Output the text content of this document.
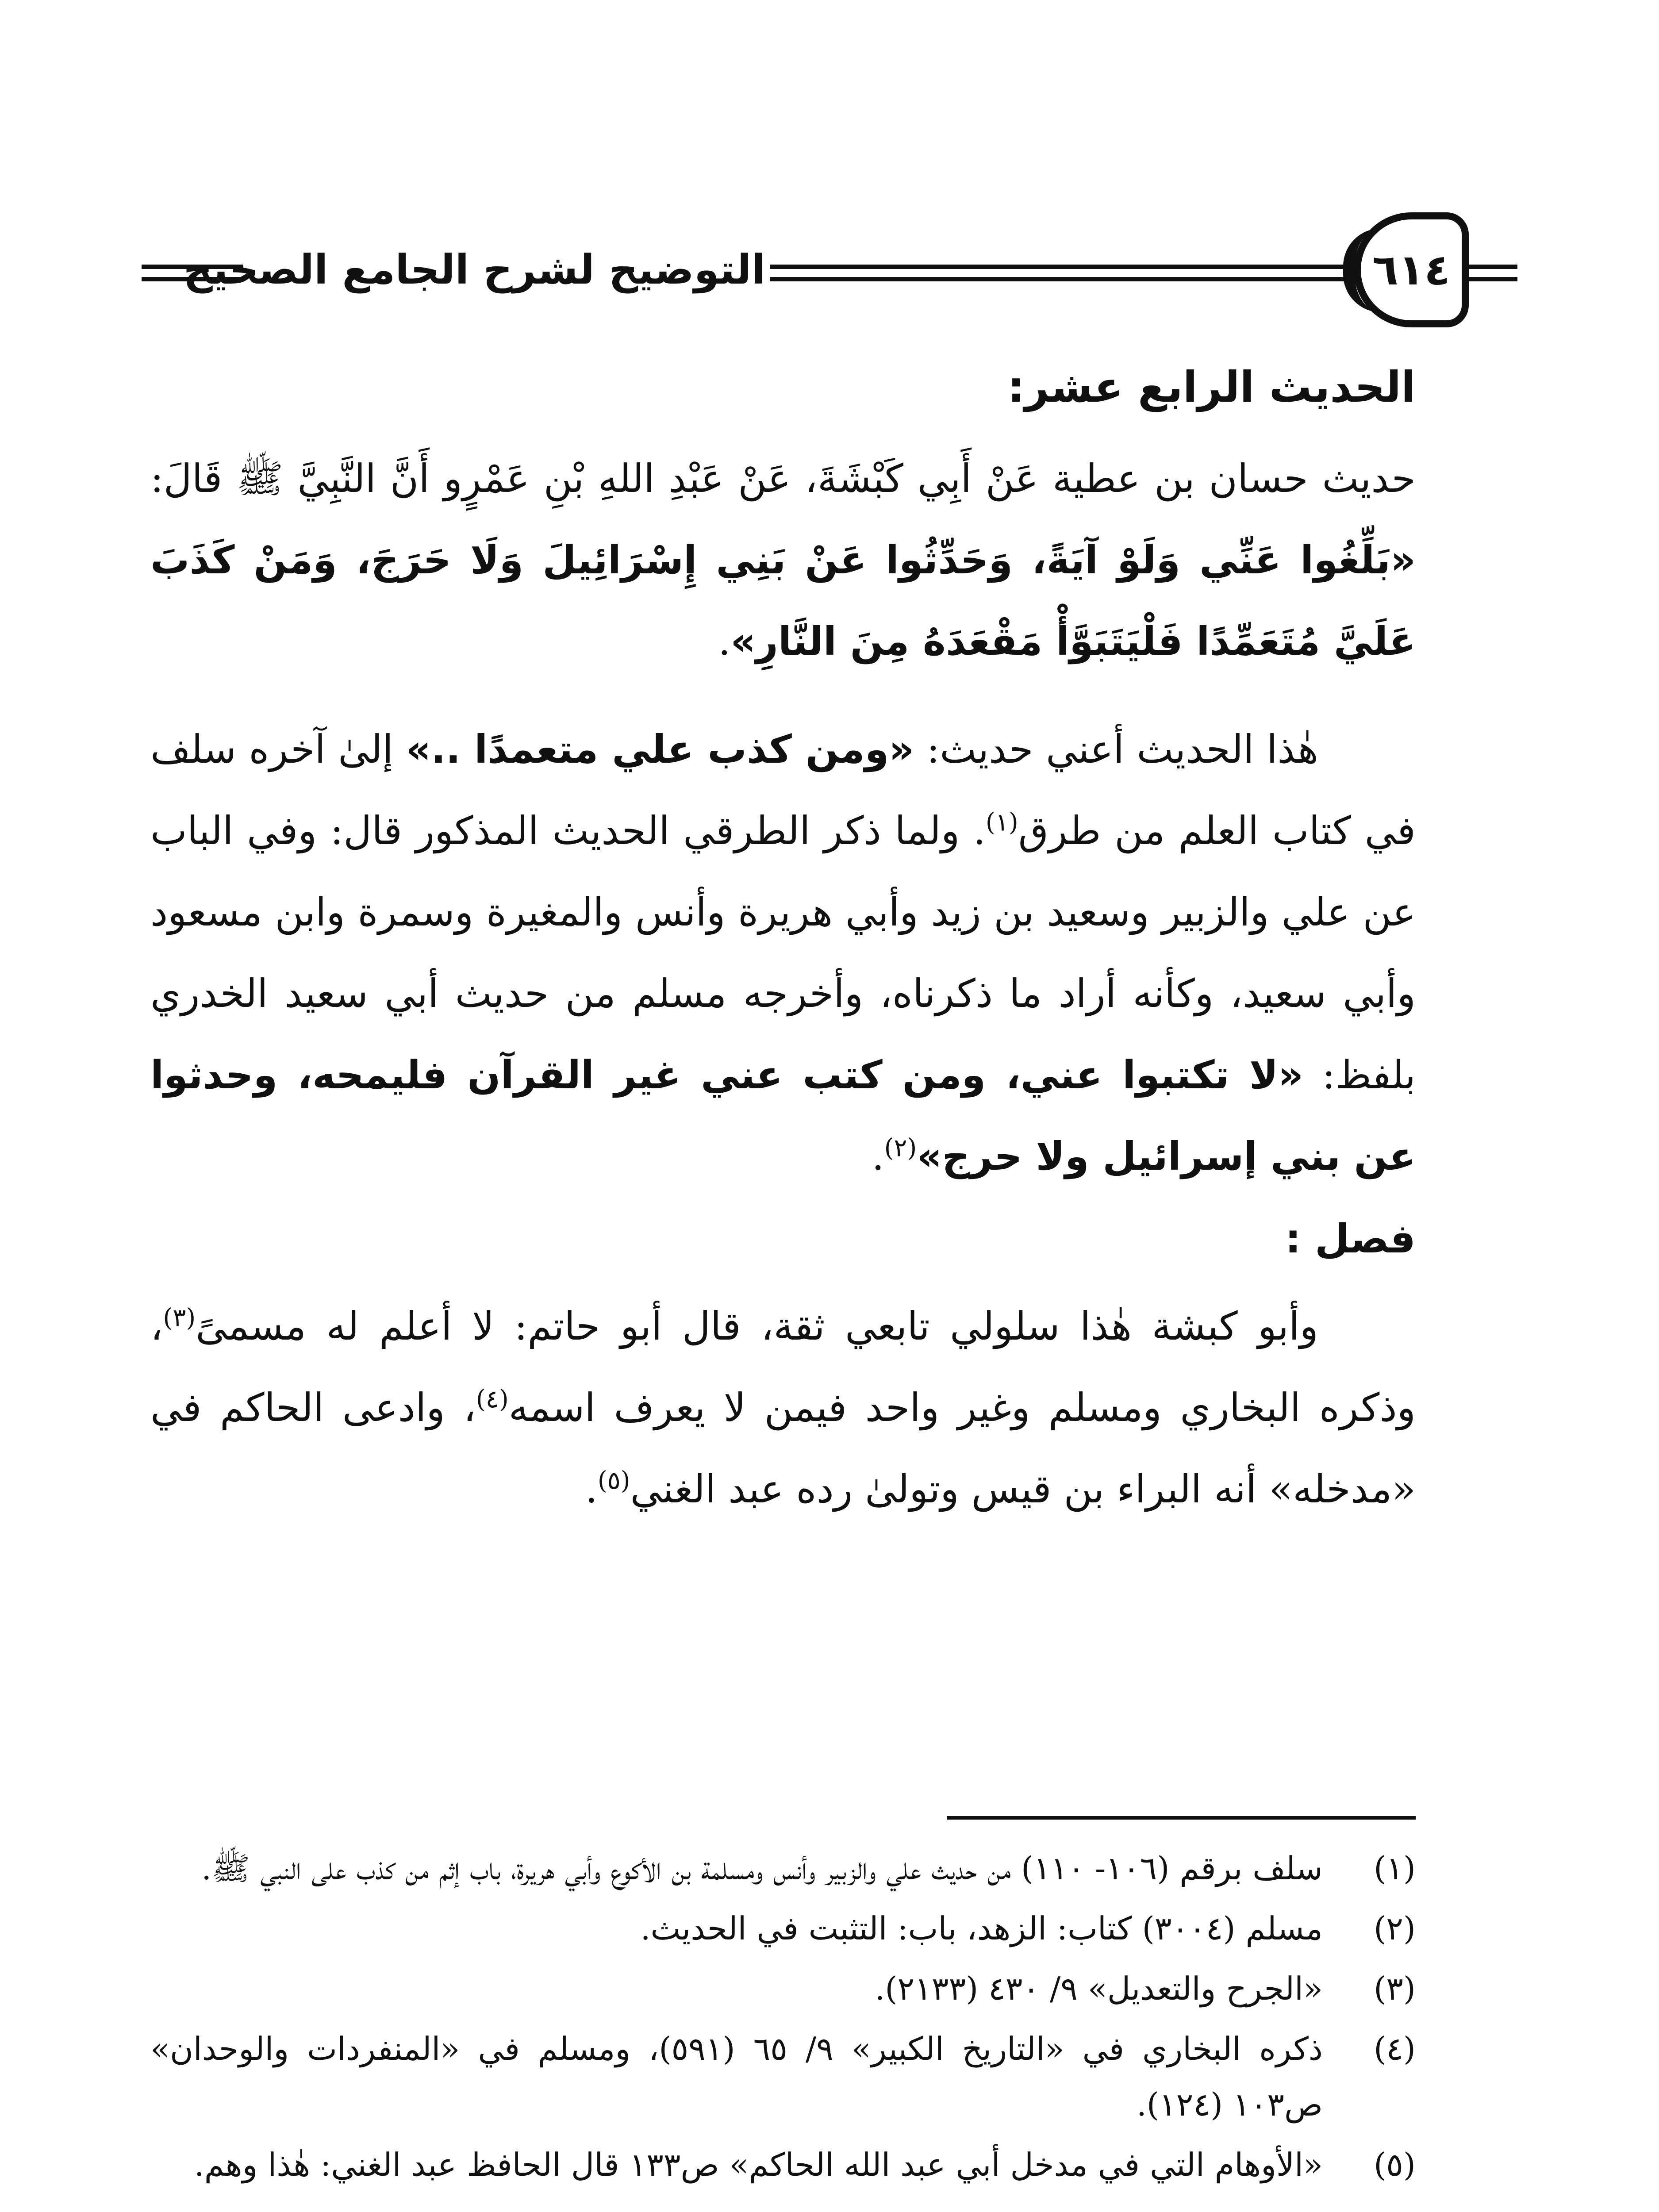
التوضيح لشرح الجامع الصحيح	٦١٤
الحديث الرابع عشر:

حديث حسان بن عطية عَنْ أَبِي كَبْشَةَ، عَنْ عَبْدِ اللهِ بْنِ عَمْرٍو أَنَّ النَّبِيَّ ﷺ قَالَ: «بَلِّغُوا عَنِّي وَلَوْ آيَةً، وَحَدِّثُوا عَنْ بَنِي إِسْرَائِيلَ وَلَا حَرَجَ، وَمَنْ كَذَبَ عَلَيَّ مُتَعَمِّدًا فَلْيَتَبَوَّأْ مَقْعَدَهُ مِنَ النَّارِ».

هٰذا الحديث أعني حديث: «ومن كذب علي متعمدًا ..» إلىٰ آخره سلف في كتاب العلم من طرق$^{(١)}$. ولما ذكر الطرقي الحديث المذكور قال: وفي الباب عن علي والزبير وسعيد بن زيد وأبي هريرة وأنس والمغيرة وسمرة وابن مسعود وأبي سعيد، وكأنه أراد ما ذكرناه، وأخرجه مسلم من حديث أبي سعيد الخدري بلفظ: «لا تكتبوا عني، ومن كتب عني غير القرآن فليمحه، وحدثوا عن بني إسرائيل ولا حرج»$^{(٢)}$.

فصل :

وأبو كبشة هٰذا سلولي تابعي ثقة، قال أبو حاتم: لا أعلم له مسمىً$^{(٣)}$، وذكره البخاري ومسلم وغير واحد فيمن لا يعرف اسمه$^{(٤)}$، وادعى الحاكم في «مدخله» أنه البراء بن قيس وتولىٰ رده عبد الغني$^{(٥)}$.

(١)
سلف برقم (١٠٦- ١١٠) من حديث علي والزبير وأنس ومسلمة بن الأكوع وأبي هريرة، باب إثم من كذب على النبي ﷺ.
(٢)
مسلم (٣٠٠٤) كتاب: الزهد، باب: التثبت في الحديث.
(٣)
«الجرح والتعديل» ٩/ ٤٣٠ (٢١٣٣).
(٤)
ذكره البخاري في «التاريخ الكبير» ٩/ ٦٥ (٥٩١)، ومسلم في «المنفردات والوحدان» ص١٠٣ (١٢٤).
(٥)
«الأوهام التي في مدخل أبي عبد الله الحاكم» ص١٣٣ قال الحافظ عبد الغني: هٰذا وهم.
